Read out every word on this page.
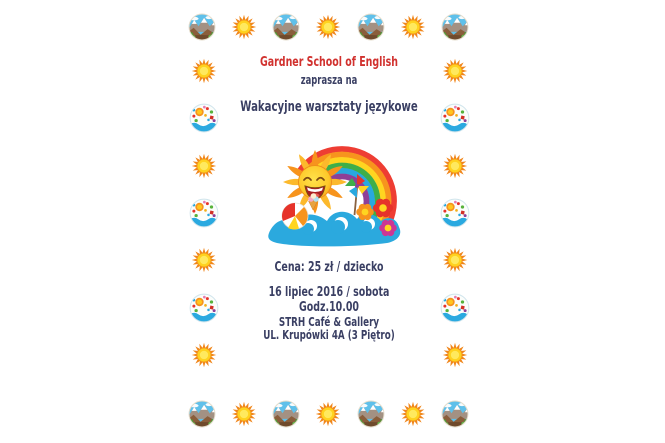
Gardner School of English
zaprasza na
Wakacyjne warsztaty językowe
Cena: 25 zł / dziecko
16 lipiec 2016 / sobota
Godz.10.00
STRH Café & Gallery
UL. Krupówki 4A (3 Piętro)
